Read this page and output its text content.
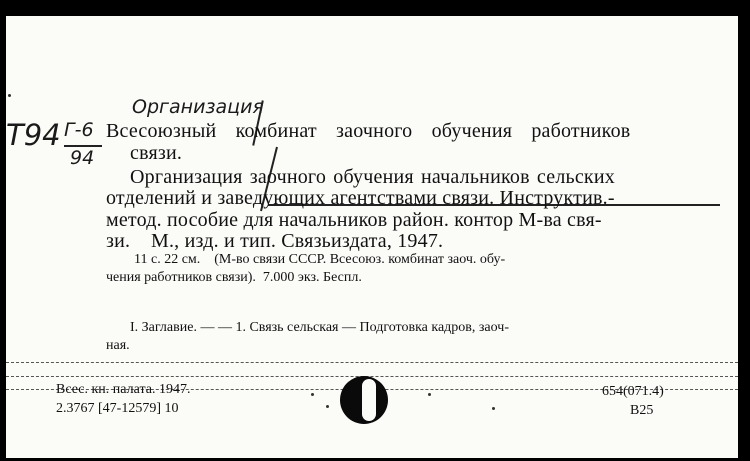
Г-6
Т94
94
Организация
Всесоюзный комбинат заочного обучения работников
связи.
Организация заочного обучения начальников сельских
отделений и заведующих агентствами связи. Инструктив.-
метод. пособие для начальников район. контор М-ва свя-
зи.    М., изд. и тип. Связьиздата, 1947.
11 с. 22 см.    (М-во связи СССР. Всесоюз. комбинат заоч. обу-
чения работников связи).  7.000 экз. Беспл.
I. Заглавие. — — 1. Связь сельская — Подготовка кадров, заоч-
ная.
Всес. кн. палата. 1947.
2.3767 [47-12579] 10
654(071.4)
В25
